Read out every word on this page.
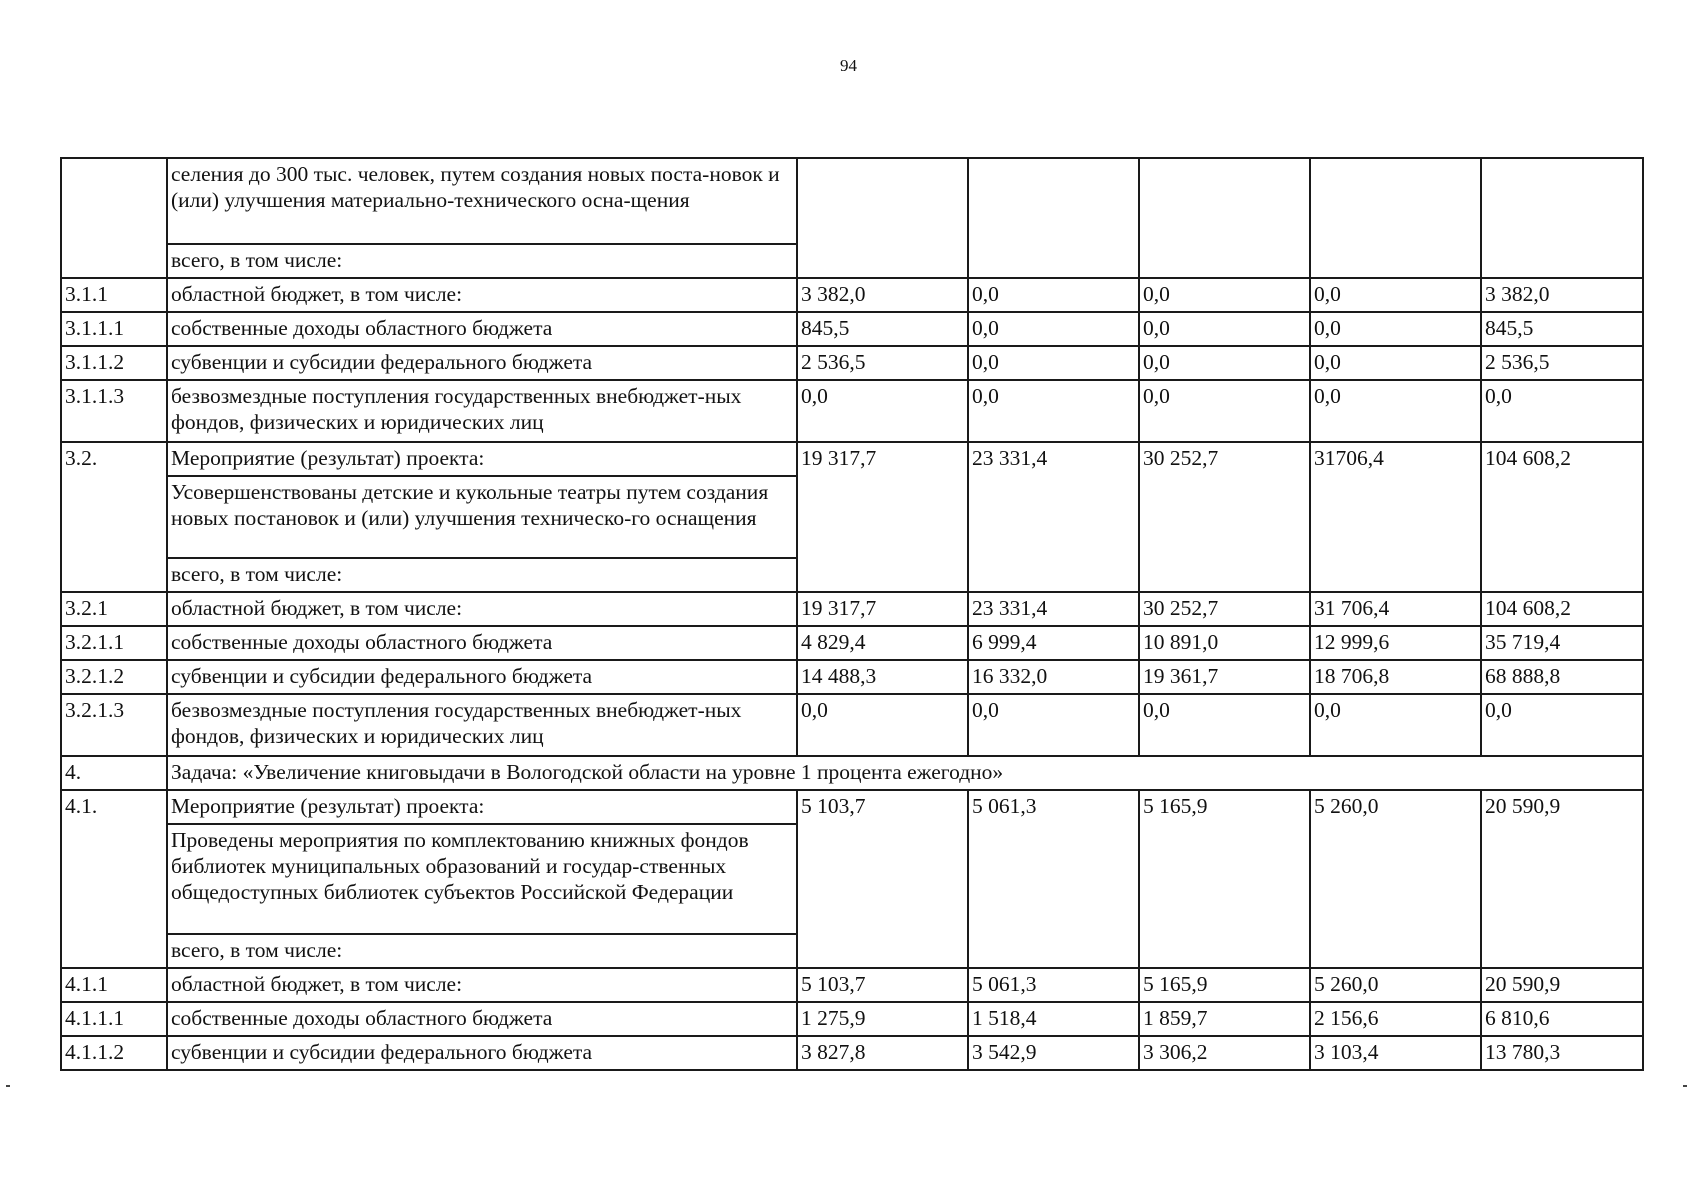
94
	селения до 300 тыс. человек, путем создания новых поста-новок и (или) улучшения материально-технического осна-щения					
	всего, в том числе:					
3.1.1	областной бюджет, в том числе:	3 382,0	0,0	0,0	0,0	3 382,0
3.1.1.1	собственные доходы областного бюджета	845,5	0,0	0,0	0,0	845,5
3.1.1.2	субвенции и субсидии федерального бюджета	2 536,5	0,0	0,0	0,0	2 536,5
3.1.1.3	безвозмездные поступления государственных внебюджет-ных фондов, физических и юридических лиц	0,0	0,0	0,0	0,0	0,0
3.2.	Мероприятие (результат) проекта:	19 317,7	23 331,4	30 252,7	31706,4	104 608,2
	Усовершенствованы детские и кукольные театры путем создания новых постановок и (или) улучшения техническо-го оснащения					
	всего, в том числе:					
3.2.1	областной бюджет, в том числе:	19 317,7	23 331,4	30 252,7	31 706,4	104 608,2
3.2.1.1	собственные доходы областного бюджета	4 829,4	6 999,4	10 891,0	12 999,6	35 719,4
3.2.1.2	субвенции и субсидии федерального бюджета	14 488,3	16 332,0	19 361,7	18 706,8	68 888,8
3.2.1.3	безвозмездные поступления государственных внебюджет-ных фондов, физических и юридических лиц	0,0	0,0	0,0	0,0	0,0
4.	Задача: «Увеличение книговыдачи в Вологодской области на уровне 1 процента ежегодно»					
4.1.	Мероприятие (результат) проекта:	5 103,7	5 061,3	5 165,9	5 260,0	20 590,9
	Проведены мероприятия по комплектованию книжных фондов библиотек муниципальных образований и государ-ственных общедоступных библиотек субъектов Российской Федерации					
	всего, в том числе:					
4.1.1	областной бюджет, в том числе:	5 103,7	5 061,3	5 165,9	5 260,0	20 590,9
4.1.1.1	собственные доходы областного бюджета	1 275,9	1 518,4	1 859,7	2 156,6	6 810,6
4.1.1.2	субвенции и субсидии федерального бюджета	3 827,8	3 542,9	3 306,2	3 103,4	13 780,3
